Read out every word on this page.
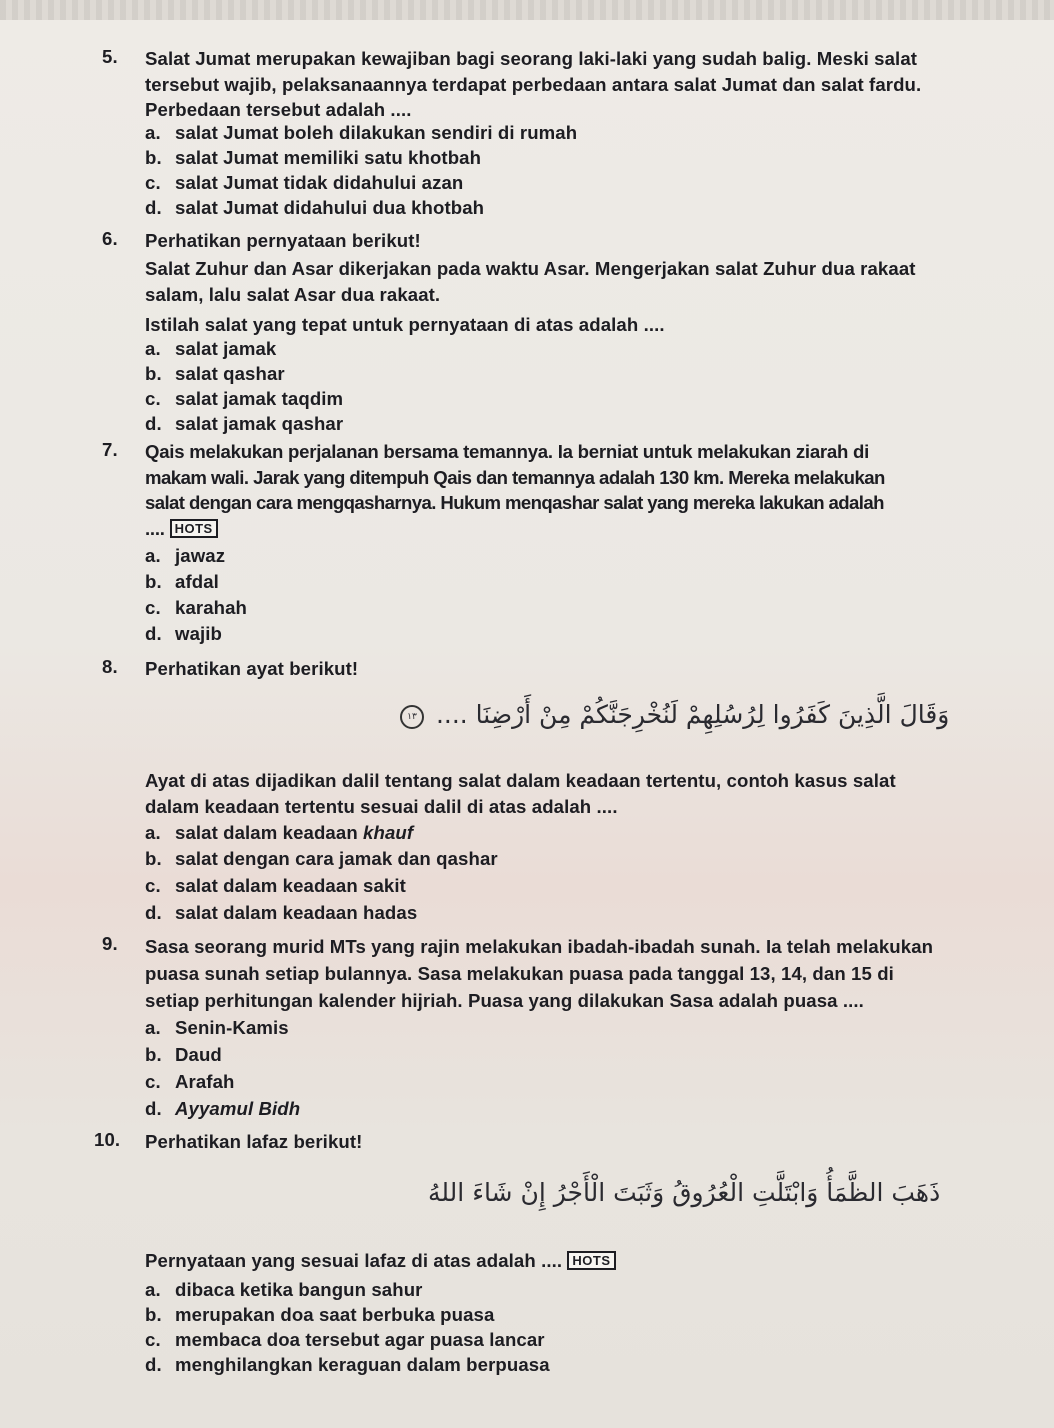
5. Salat Jumat merupakan kewajiban bagi seorang laki-laki yang sudah balig. Meski salat

tersebut wajib, pelaksanaannya terdapat perbedaan antara salat Jumat dan salat fardu.

Perbedaan tersebut adalah ....

a. salat Jumat boleh dilakukan sendiri di rumah
b. salat Jumat memiliki satu khotbah
c. salat Jumat tidak didahului azan
d. salat Jumat didahului dua khotbah
6. Perhatikan pernyataan berikut!

Salat Zuhur dan Asar dikerjakan pada waktu Asar. Mengerjakan salat Zuhur dua rakaat

salam, lalu salat Asar dua rakaat.

Istilah salat yang tepat untuk pernyataan di atas adalah ....

a. salat jamak
b. salat qashar
c. salat jamak taqdim
d. salat jamak qashar
7. Qais melakukan perjalanan bersama temannya. Ia berniat untuk melakukan ziarah di

makam wali. Jarak yang ditempuh Qais dan temannya adalah 130 km. Mereka melakukan

salat dengan cara mengqasharnya. Hukum menqashar salat yang mereka lakukan adalah

.... HOTS

a. jawaz
b. afdal
c. karahah
d. wajib
8. Perhatikan ayat berikut!

وَقَالَ الَّذِينَ كَفَرُوا لِرُسُلِهِمْ لَنُخْرِجَنَّكُمْ مِنْ أَرْضِنَا .... ١٣

Ayat di atas dijadikan dalil tentang salat dalam keadaan tertentu, contoh kasus salat

dalam keadaan tertentu sesuai dalil di atas adalah ....

a. salat dalam keadaan khauf
b. salat dengan cara jamak dan qashar
c. salat dalam keadaan sakit
d. salat dalam keadaan hadas
9. Sasa seorang murid MTs yang rajin melakukan ibadah-ibadah sunah. Ia telah melakukan

puasa sunah setiap bulannya. Sasa melakukan puasa pada tanggal 13, 14, dan 15 di

setiap perhitungan kalender hijriah. Puasa yang dilakukan Sasa adalah puasa ....

a. Senin-Kamis
b. Daud
c. Arafah
d. Ayyamul Bidh
10. Perhatikan lafaz berikut!

ذَهَبَ الظَّمَأُ وَابْتَلَّتِ الْعُرُوقُ وَثَبَتَ الْأَجْرُ إِنْ شَاءَ اللهُ

Pernyataan yang sesuai lafaz di atas adalah .... HOTS

a. dibaca ketika bangun sahur
b. merupakan doa saat berbuka puasa
c. membaca doa tersebut agar puasa lancar
d. menghilangkan keraguan dalam berpuasa
